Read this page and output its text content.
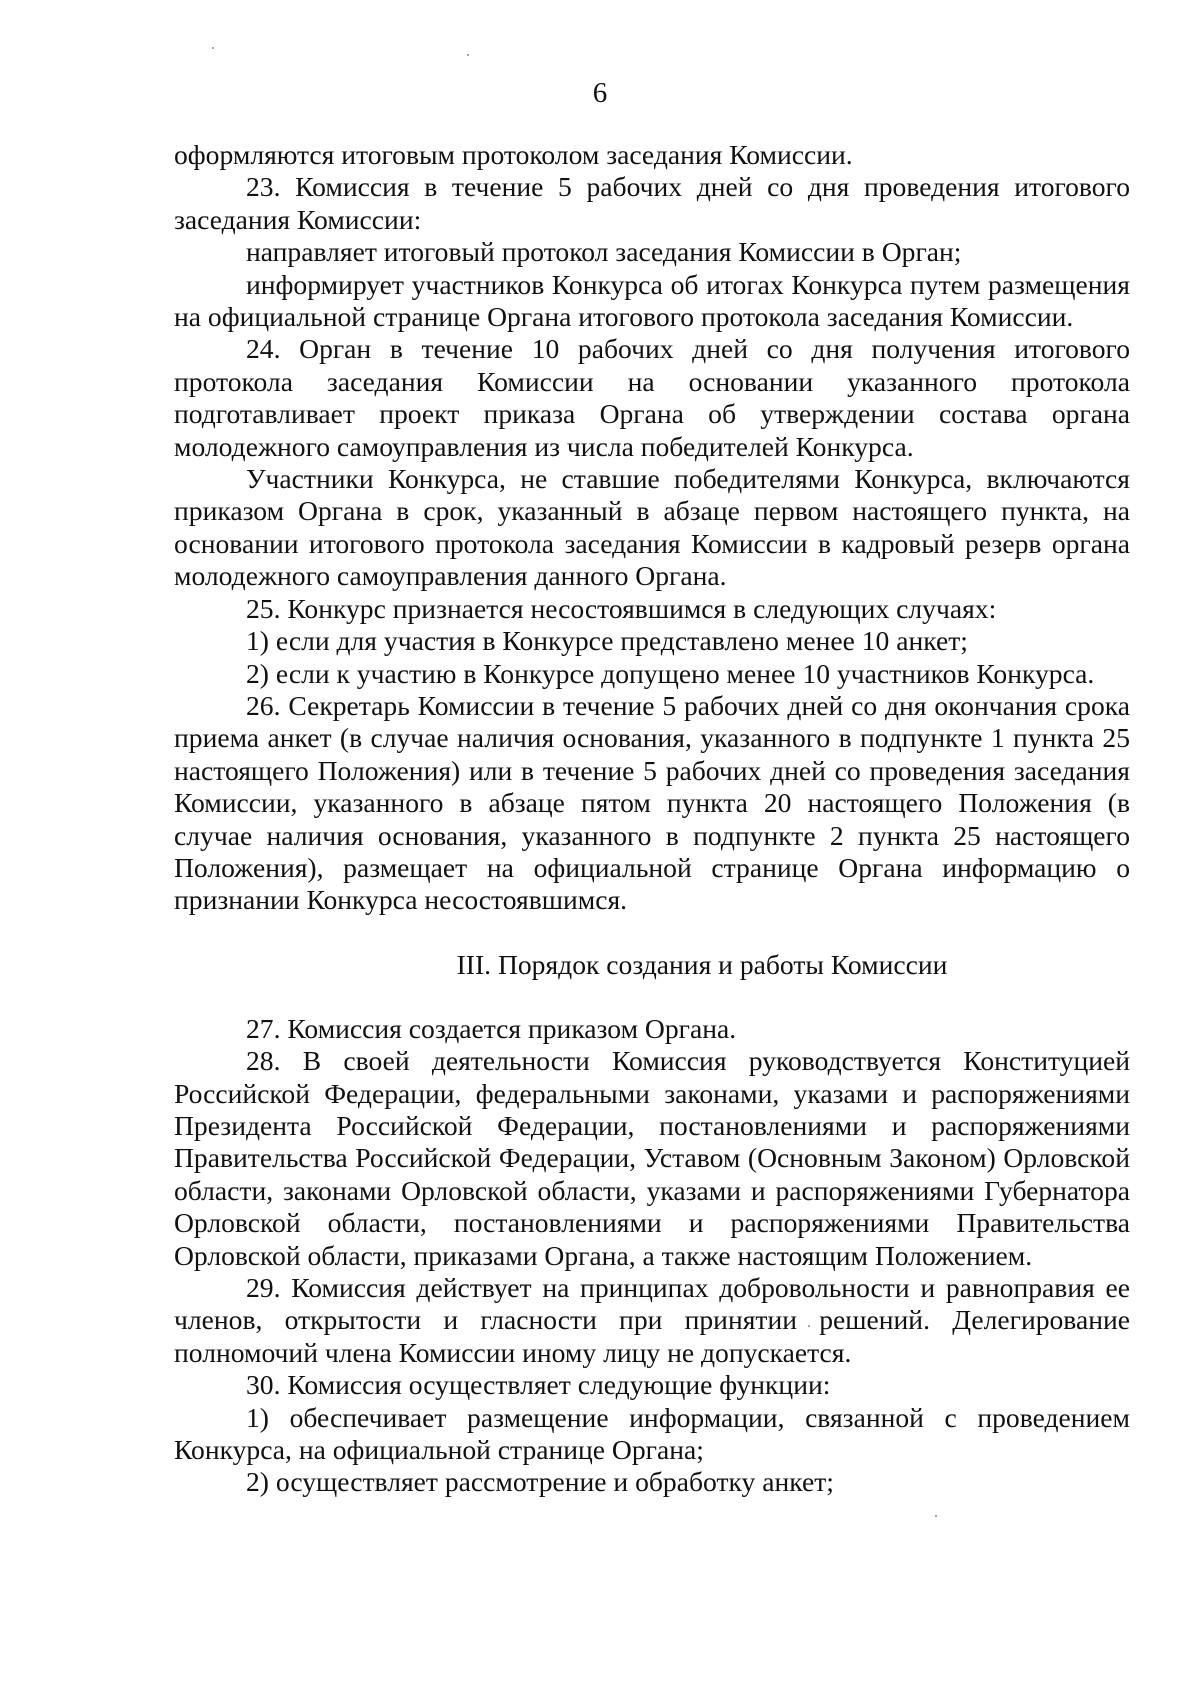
6

оформляются итоговым протоколом заседания Комиссии.

23. Комиссия в течение 5 рабочих дней со дня проведения итогового заседания Комиссии:

направляет итоговый протокол заседания Комиссии в Орган;

информирует участников Конкурса об итогах Конкурса путем размещения на официальной странице Органа итогового протокола заседания Комиссии.

24. Орган в течение 10 рабочих дней со дня получения итогового протокола заседания Комиссии на основании указанного протокола подготавливает проект приказа Органа об утверждении состава органа молодежного самоуправления из числа победителей Конкурса.

Участники Конкурса, не ставшие победителями Конкурса, включаются приказом Органа в срок, указанный в абзаце первом настоящего пункта, на основании итогового протокола заседания Комиссии в кадровый резерв органа молодежного самоуправления данного Органа.

25. Конкурс признается несостоявшимся в следующих случаях:

1) если для участия в Конкурсе представлено менее 10 анкет;

2) если к участию в Конкурсе допущено менее 10 участников Конкурса.

26. Секретарь Комиссии в течение 5 рабочих дней со дня окончания срока приема анкет (в случае наличия основания, указанного в подпункте 1 пункта 25 настоящего Положения) или в течение 5 рабочих дней со проведения заседания Комиссии, указанного в абзаце пятом пункта 20 настоящего Положения (в случае наличия основания, указанного в подпункте 2 пункта 25 настоящего Положения), размещает на официальной странице Органа информацию о признании Конкурса несостоявшимся.

III. Порядок создания и работы Комиссии

27. Комиссия создается приказом Органа.

28. В своей деятельности Комиссия руководствуется Конституцией Российской Федерации, федеральными законами, указами и распоряжениями Президента Российской Федерации, постановлениями и распоряжениями Правительства Российской Федерации, Уставом (Основным Законом) Орловской области, законами Орловской области, указами и распоряжениями Губернатора Орловской области, постановлениями и распоряжениями Правительства Орловской области, приказами Органа, а также настоящим Положением.

29. Комиссия действует на принципах добровольности и равноправия ее членов, открытости и гласности при принятии решений. Делегирование полномочий члена Комиссии иному лицу не допускается.

30. Комиссия осуществляет следующие функции:

1) обеспечивает размещение информации, связанной с проведением Конкурса, на официальной странице Органа;

2) осуществляет рассмотрение и обработку анкет;
